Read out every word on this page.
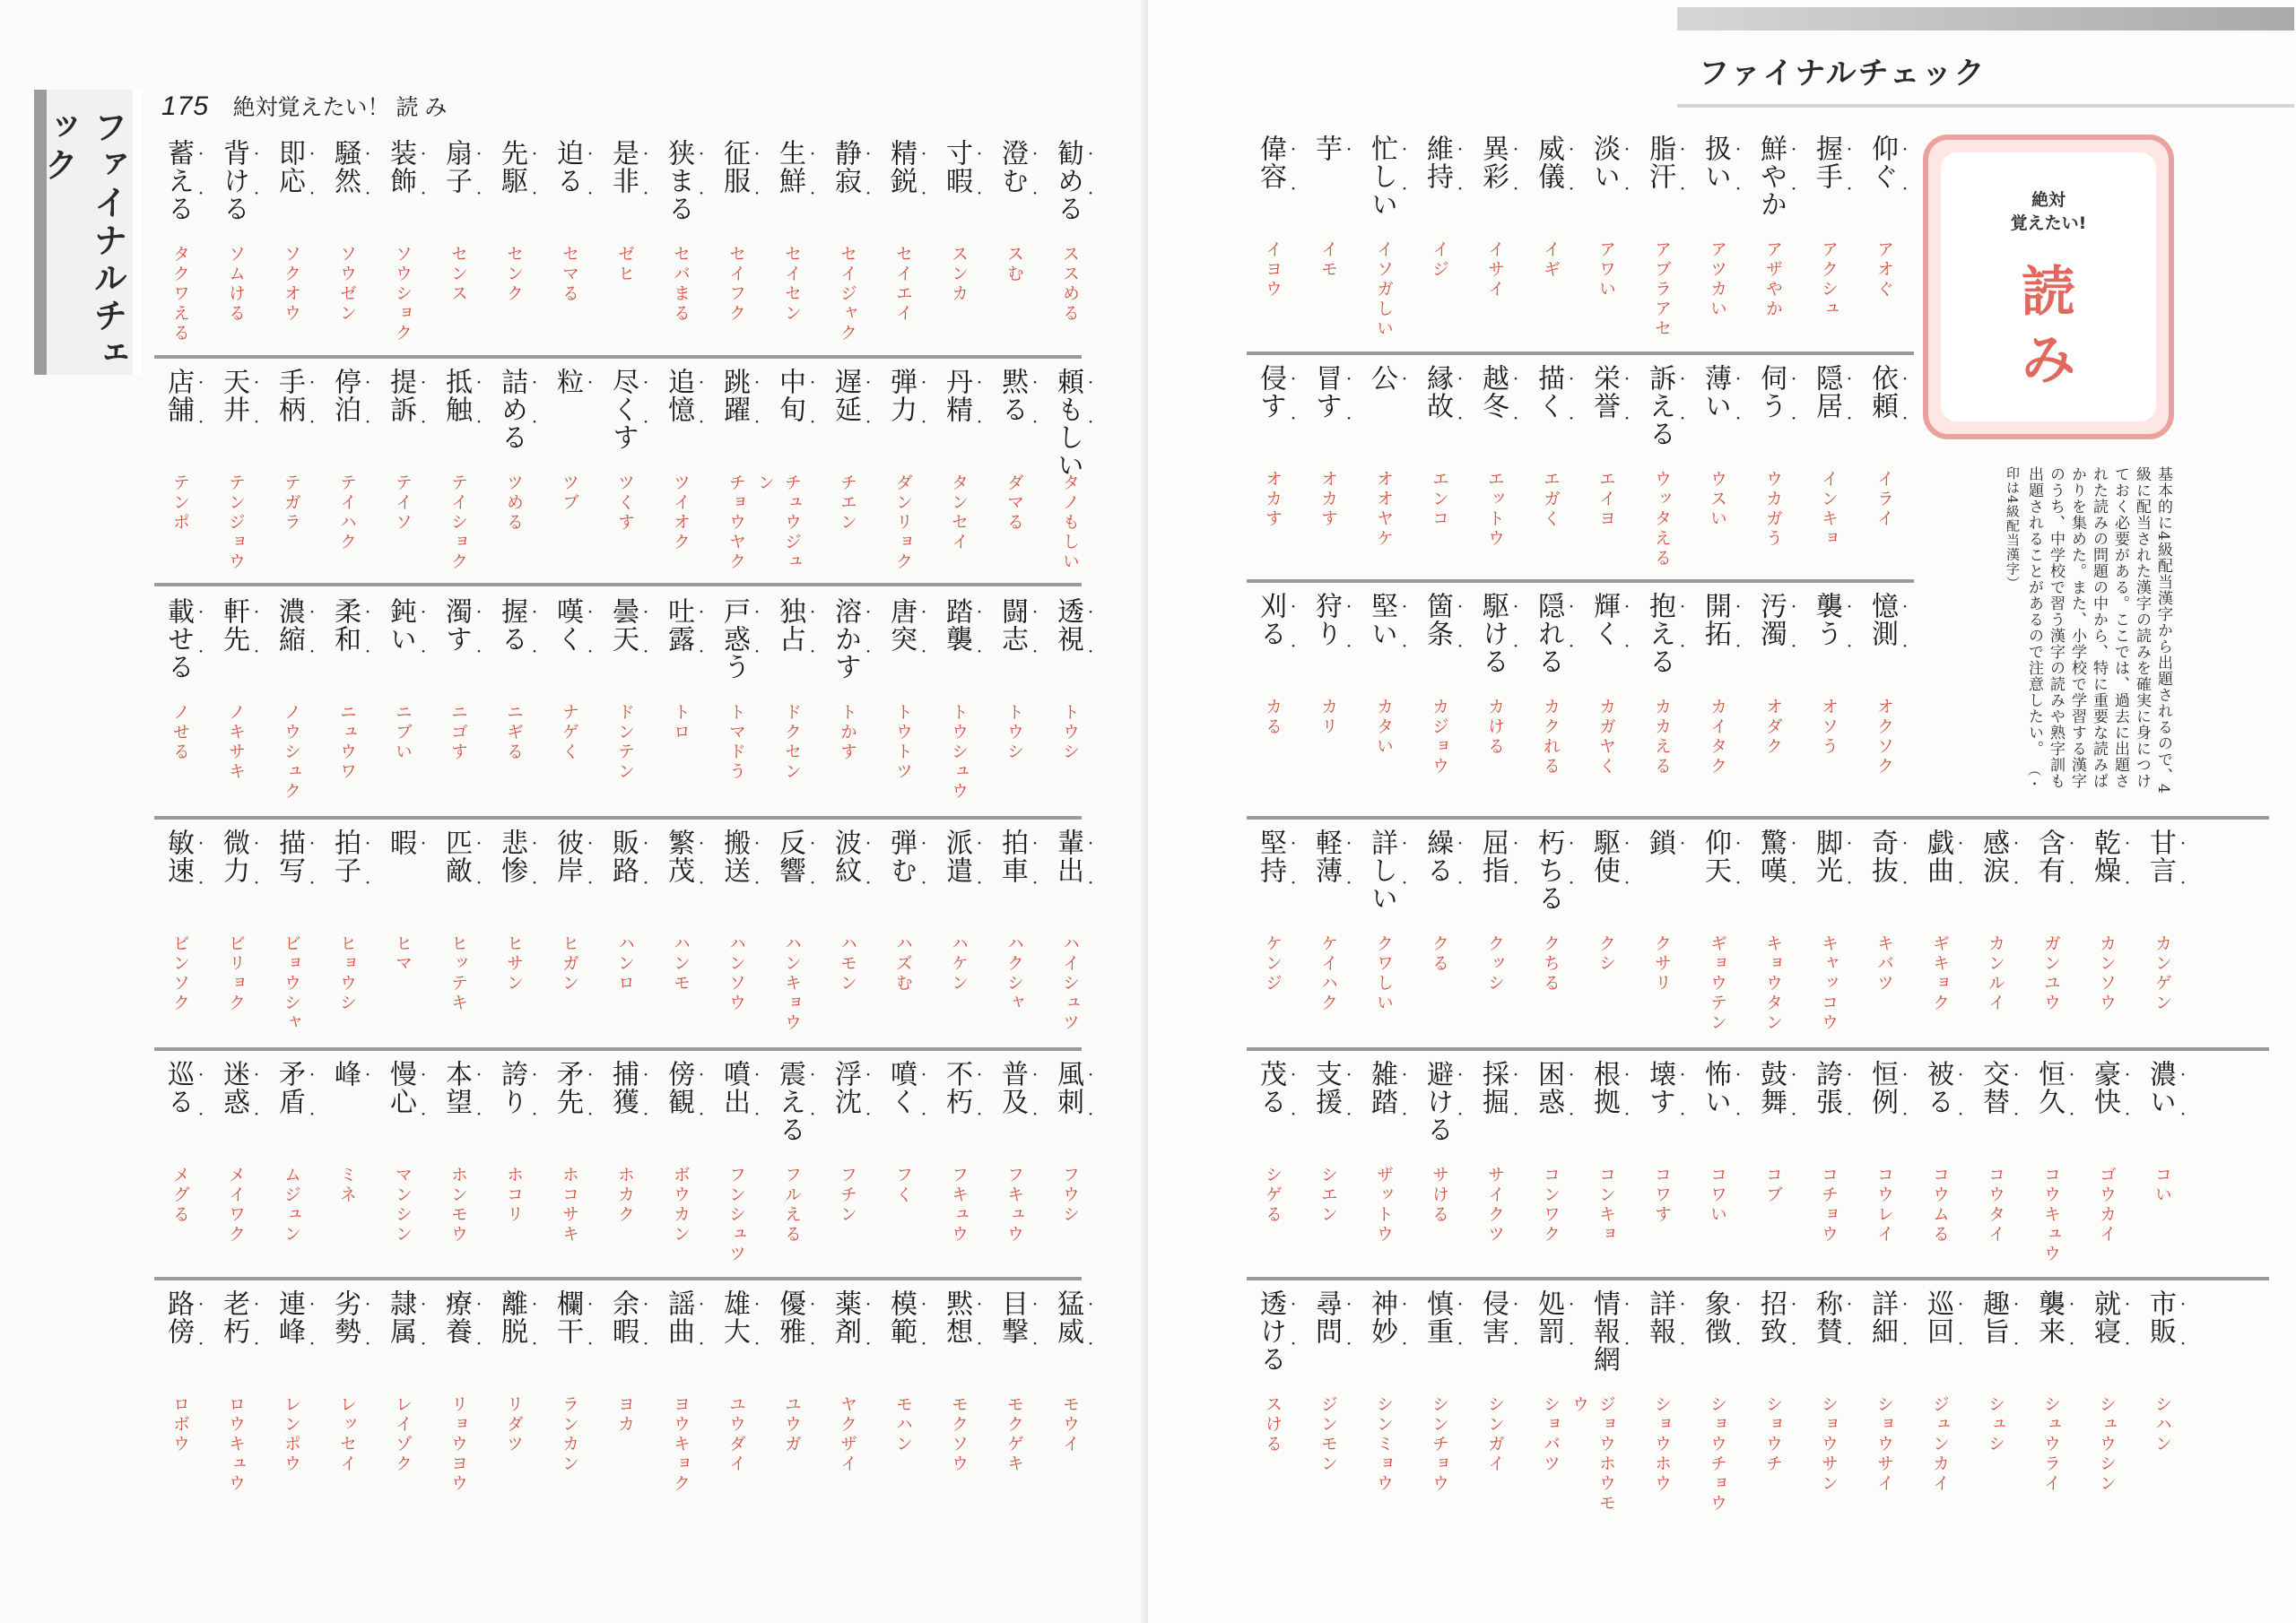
ファイナルチェック
175 絶対覚えたい！ 読 み
勧める
ススめる
·
·
澄む
スむ
·
·
寸暇
スンカ
·
·
精鋭
セイエイ
·
·
静寂
セイジャク
·
·
生鮮
セイセン
·
·
征服
セイフク
·
·
狭まる
セバまる
·
·
是非
ゼヒ
·
·
迫る
セマる
·
·
先駆
センク
·
·
扇子
センス
·
·
装飾
ソウショク
·
·
騒然
ソウゼン
·
·
即応
ソクオウ
·
·
背ける
ソムける
·
·
蓄える
タクワえる
·
·
頼もしい
タノもしい
·
·
黙る
ダマる
·
·
丹精
タンセイ
·
·
弾力
ダンリョク
·
·
遅延
チエン
·
·
中旬
チュウジュン
·
·
跳躍
チョウヤク
·
·
追憶
ツイオク
·
·
尽くす
ツくす
·
·
粒
ツブ
·
詰める
ツめる
·
·
抵触
テイショク
·
·
提訴
テイソ
·
·
停泊
テイハク
·
·
手柄
テガラ
·
·
天井
テンジョウ
·
·
店舗
テンポ
·
·
透視
トウシ
·
·
闘志
トウシ
·
·
踏襲
トウシュウ
·
·
唐突
トウトツ
·
·
溶かす
トかす
·
·
独占
ドクセン
·
·
戸惑う
トマドう
·
·
吐露
トロ
·
·
曇天
ドンテン
·
·
嘆く
ナゲく
·
·
握る
ニギる
·
·
濁す
ニゴす
·
·
鈍い
ニブい
·
·
柔和
ニュウワ
·
·
濃縮
ノウシュク
·
·
軒先
ノキサキ
·
·
載せる
ノせる
·
·
輩出
ハイシュツ
·
·
拍車
ハクシャ
·
·
派遣
ハケン
·
·
弾む
ハズむ
·
·
波紋
ハモン
·
·
反響
ハンキョウ
·
·
搬送
ハンソウ
·
·
繁茂
ハンモ
·
·
販路
ハンロ
·
·
彼岸
ヒガン
·
·
悲惨
ヒサン
·
·
匹敵
ヒッテキ
·
·
暇
ヒマ
·
拍子
ヒョウシ
·
·
描写
ビョウシャ
·
·
微力
ビリョク
·
·
敏速
ビンソク
·
·
風刺
フウシ
·
·
普及
フキュウ
·
·
不朽
フキュウ
·
·
噴く
フく
·
·
浮沈
フチン
·
·
震える
フルえる
·
·
噴出
フンシュツ
·
·
傍観
ボウカン
·
·
捕獲
ホカク
·
·
矛先
ホコサキ
·
·
誇り
ホコリ
·
·
本望
ホンモウ
·
·
慢心
マンシン
·
·
峰
ミネ
·
矛盾
ムジュン
·
·
迷惑
メイワク
·
·
巡る
メグる
·
·
猛威
モウイ
·
·
目撃
モクゲキ
·
·
黙想
モクソウ
·
·
模範
モハン
·
·
薬剤
ヤクザイ
·
·
優雅
ユウガ
·
·
雄大
ユウダイ
·
·
謡曲
ヨウキョク
·
·
余暇
ヨカ
·
·
欄干
ランカン
·
·
離脱
リダツ
·
·
療養
リョウヨウ
·
·
隷属
レイゾク
·
·
劣勢
レッセイ
·
·
連峰
レンポウ
·
·
老朽
ロウキュウ
·
·
路傍
ロボウ
·
·
ファイナルチェック
絶対
覚えたい!
読
み
基本的に4級配当漢字から出題されるので、4級に配当された漢字の読みを確実に身につけておく必要がある。ここでは、過去に出題された読みの問題の中から、特に重要な読みばかりを集めた。また、小学校で学習する漢字のうち、中学校で習う漢字の読みや熟字訓も出題されることがあるので注意したい。 （・印は4級配当漢字）
仰ぐ
アオぐ
·
·
握手
アクシュ
·
·
鮮やか
アザやか
·
·
扱い
アツカい
·
·
脂汗
アブラアセ
·
·
淡い
アワい
·
·
威儀
イギ
·
·
異彩
イサイ
·
·
維持
イジ
·
·
忙しい
イソガしい
·
·
芋
イモ
·
偉容
イヨウ
·
·
依頼
イライ
·
·
隠居
インキョ
·
·
伺う
ウカガう
·
·
薄い
ウスい
·
·
訴える
ウッタえる
·
·
栄誉
エイヨ
·
·
描く
エガく
·
·
越冬
エットウ
·
·
縁故
エンコ
·
·
公
オオヤケ
·
冒す
オカす
·
·
侵す
オカす
·
·
憶測
オクソク
·
·
襲う
オソう
·
·
汚濁
オダク
·
·
開拓
カイタク
·
·
抱える
カカえる
·
·
輝く
カガヤく
·
·
隠れる
カクれる
·
·
駆ける
カける
·
·
箇条
カジョウ
·
·
堅い
カタい
·
·
狩り
カリ
·
·
刈る
カる
·
·
甘言
カンゲン
·
·
乾燥
カンソウ
·
·
含有
ガンユウ
·
·
感涙
カンルイ
·
·
戯曲
ギキョク
·
·
奇抜
キバツ
·
·
脚光
キャッコウ
·
·
驚嘆
キョウタン
·
·
仰天
ギョウテン
·
·
鎖
クサリ
·
駆使
クシ
·
·
朽ちる
クちる
·
·
屈指
クッシ
·
·
繰る
クる
·
·
詳しい
クワしい
·
·
軽薄
ケイハク
·
·
堅持
ケンジ
·
·
濃い
コい
·
·
豪快
ゴウカイ
·
·
恒久
コウキュウ
·
·
交替
コウタイ
·
·
被る
コウムる
·
·
恒例
コウレイ
·
·
誇張
コチョウ
·
·
鼓舞
コブ
·
·
怖い
コワい
·
·
壊す
コワす
·
·
根拠
コンキョ
·
·
困惑
コンワク
·
·
採掘
サイクツ
·
·
避ける
サける
·
·
雑踏
ザットウ
·
·
支援
シエン
·
·
茂る
シゲる
·
·
市販
シハン
·
·
就寝
シュウシン
·
·
襲来
シュウライ
·
·
趣旨
シュシ
·
·
巡回
ジュンカイ
·
·
詳細
ショウサイ
·
·
称賛
ショウサン
·
·
招致
ショウチ
·
·
象徴
ショウチョウ
·
·
詳報
ショウホウ
·
·
情報網
ジョウホウモウ
·
·
処罰
ショバツ
·
·
侵害
シンガイ
·
·
慎重
シンチョウ
·
·
神妙
シンミョウ
·
·
尋問
ジンモン
·
·
透ける
スける
·
·
